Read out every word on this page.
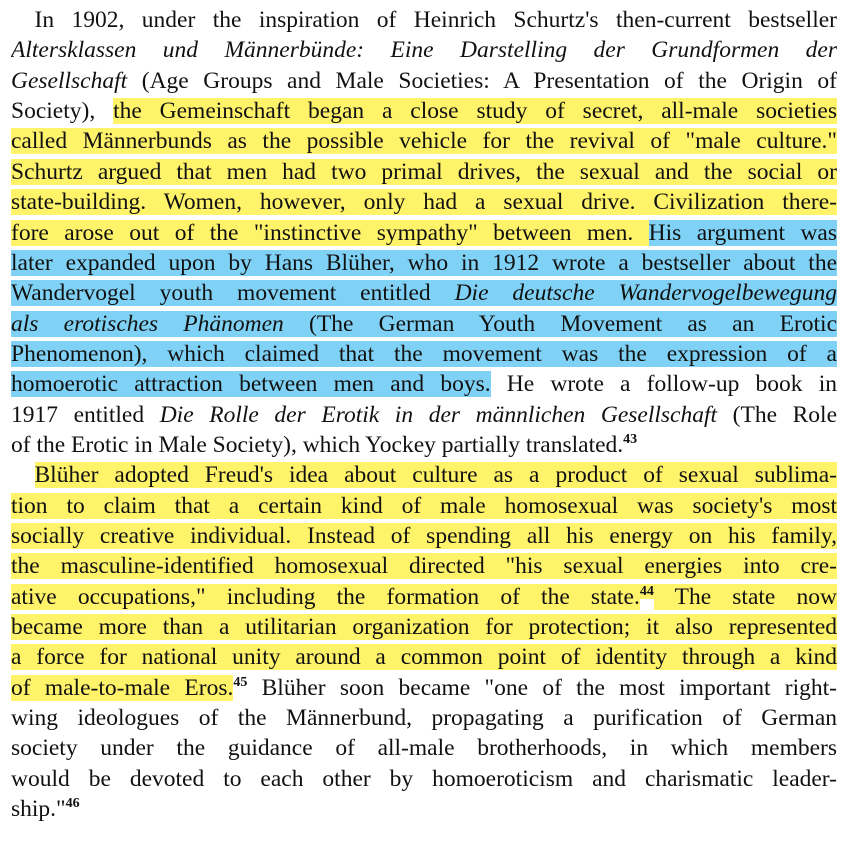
 In 1902, under the inspiration of Heinrich Schurtz's then-current bestseller
Altersklassen und Männerbünde: Eine Darstelling der Grundformen der
Gesellschaft (Age Groups and Male Societies: A Presentation of the Origin of
Society), the Gemeinschaft began a close study of secret, all-male societies
called Männerbunds as the possible vehicle for the revival of "male culture."
Schurtz argued that men had two primal drives, the sexual and the social or
state-building. Women, however, only had a sexual drive. Civilization there-
fore arose out of the "instinctive sympathy" between men. His argument was
later expanded upon by Hans Blüher, who in 1912 wrote a bestseller about the
Wandervogel youth movement entitled Die deutsche Wandervogelbewegung
als erotisches Phänomen (The German Youth Movement as an Erotic
Phenomenon), which claimed that the movement was the expression of a
homoerotic attraction between men and boys. He wrote a follow-up book in
1917 entitled Die Rolle der Erotik in der männlichen Gesellschaft (The Role
of the Erotic in Male Society), which Yockey partially translated.$^{43}$
 Blüher adopted Freud's idea about culture as a product of sexual sublima-
tion to claim that a certain kind of male homosexual was society's most
socially creative individual. Instead of spending all his energy on his family,
the masculine-identified homosexual directed "his sexual energies into cre-
ative occupations," including the formation of the state.$^{44}$ The state now
became more than a utilitarian organization for protection; it also represented
a force for national unity around a common point of identity through a kind
of male-to-male Eros.$^{45}$ Blüher soon became "one of the most important right-
wing ideologues of the Männerbund, propagating a purification of German
society under the guidance of all-male brotherhoods, in which members
would be devoted to each other by homoeroticism and charismatic leader-
ship."$^{46}$
